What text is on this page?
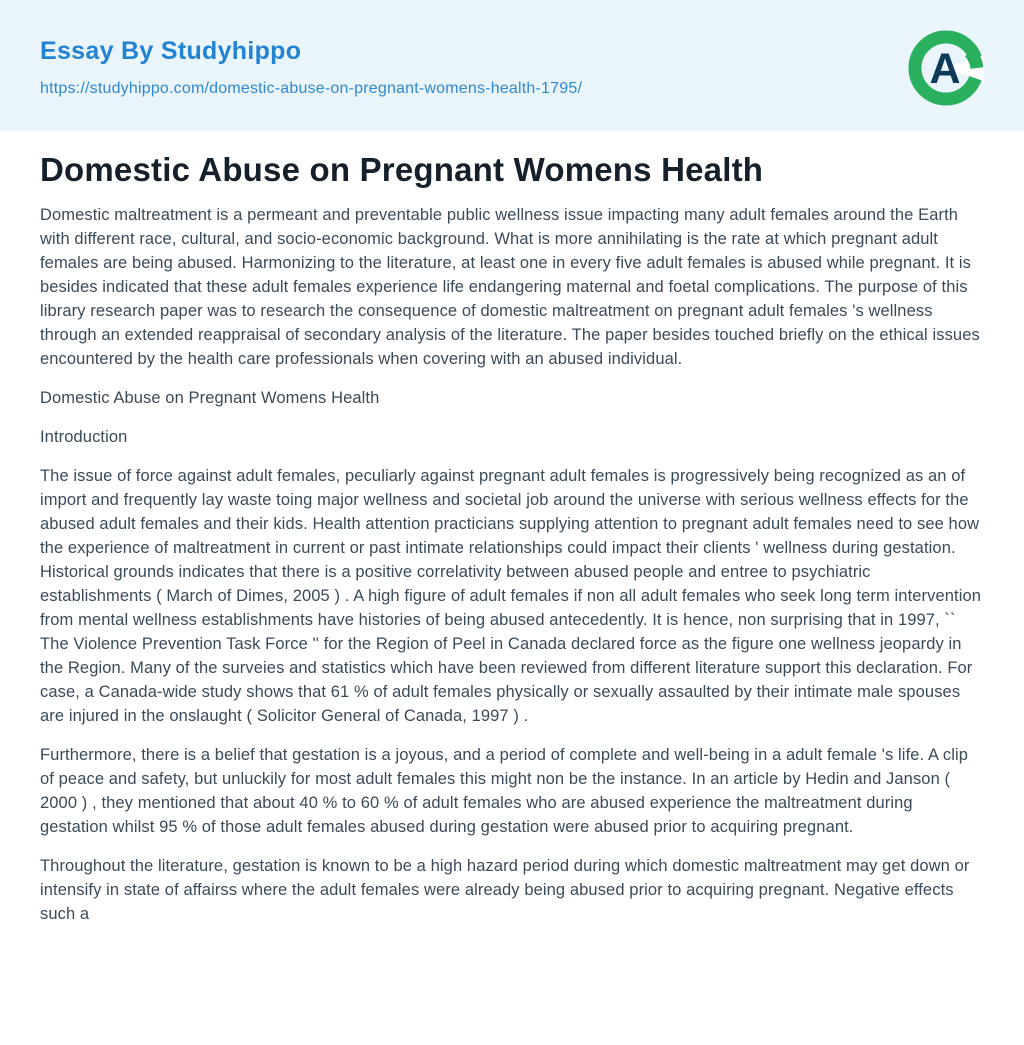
Essay By Studyhippo
https://studyhippo.com/domestic-abuse-on-pregnant-womens-health-1795/	A
Domestic Abuse on Pregnant Womens Health

Domestic maltreatment is a permeant and preventable public wellness issue impacting many adult females around the Earth with different race, cultural, and socio-economic background. What is more annihilating is the rate at which pregnant adult females are being abused. Harmonizing to the literature, at least one in every five adult females is abused while pregnant. It is besides indicated that these adult females experience life endangering maternal and foetal complications. The purpose of this library research paper was to research the consequence of domestic maltreatment on pregnant adult females 's wellness through an extended reappraisal of secondary analysis of the literature. The paper besides touched briefly on the ethical issues encountered by the health care professionals when covering with an abused individual.

Domestic Abuse on Pregnant Womens Health

Introduction

The issue of force against adult females, peculiarly against pregnant adult females is progressively being recognized as an of import and frequently lay waste toing major wellness and societal job around the universe with serious wellness effects for the abused adult females and their kids. Health attention practicians supplying attention to pregnant adult females need to see how the experience of maltreatment in current or past intimate relationships could impact their clients ' wellness during gestation. Historical grounds indicates that there is a positive correlativity between abused people and entree to psychiatric establishments ( March of Dimes, 2005 ) . A high figure of adult females if non all adult females who seek long term intervention from mental wellness establishments have histories of being abused antecedently. It is hence, non surprising that in 1997, `` The Violence Prevention Task Force '' for the Region of Peel in Canada declared force as the figure one wellness jeopardy in the Region. Many of the surveies and statistics which have been reviewed from different literature support this declaration. For case, a Canada-wide study shows that 61 % of adult females physically or sexually assaulted by their intimate male spouses are injured in the onslaught ( Solicitor General of Canada, 1997 ) .

Furthermore, there is a belief that gestation is a joyous, and a period of complete and well-being in a adult female 's life. A clip of peace and safety, but unluckily for most adult females this might non be the instance. In an article by Hedin and Janson ( 2000 ) , they mentioned that about 40 % to 60 % of adult females who are abused experience the maltreatment during gestation whilst 95 % of those adult females abused during gestation were abused prior to acquiring pregnant.

Throughout the literature, gestation is known to be a high hazard period during which domestic maltreatment may get down or intensify in state of affairss where the adult females were already being abused prior to acquiring pregnant. Negative effects such a
